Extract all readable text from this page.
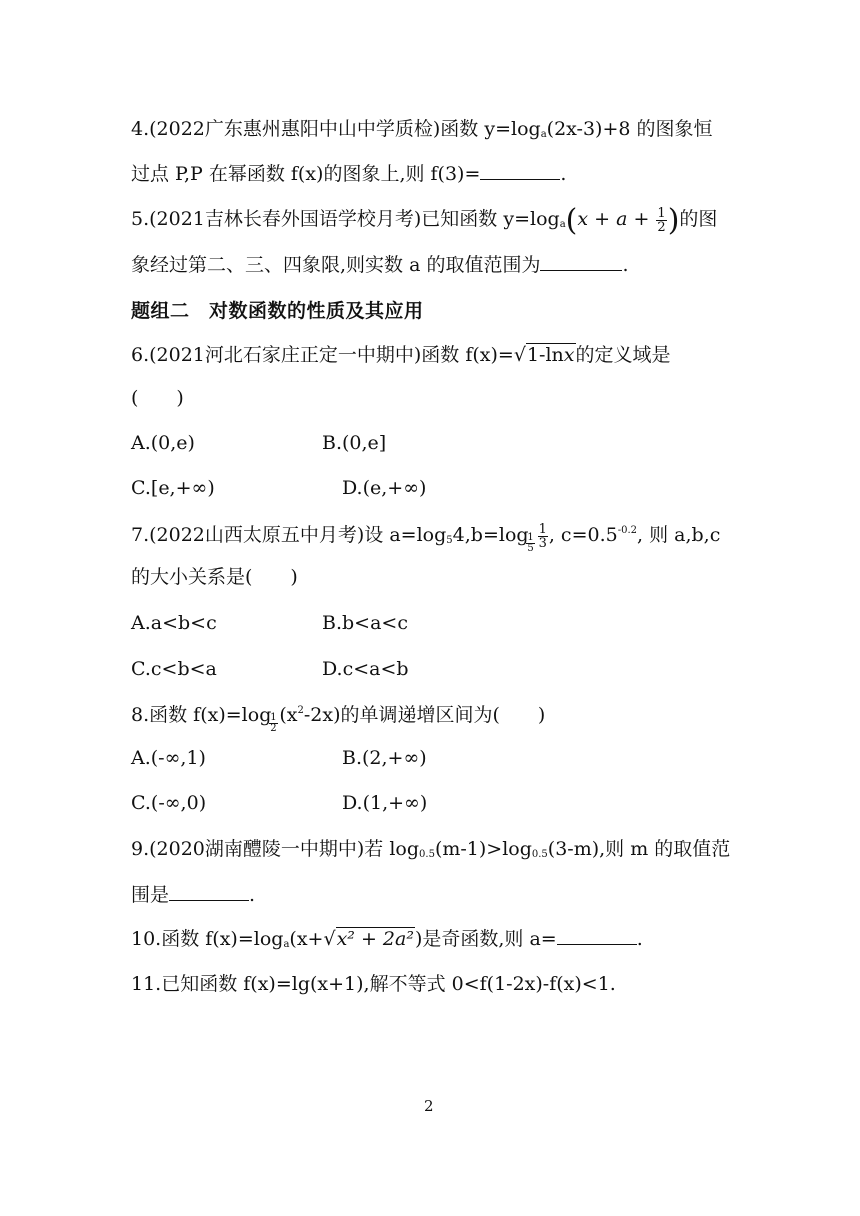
4.(2022广东惠州惠阳中山中学质检)函数 $y=\log_a(2x-3)+8$ 的图象恒
过点 P,P 在幂函数 f(x)的图象上,则 f(3)=	.
5.(2021吉林长春外国语学校月考)已知函数 $y=\log_a(x + a + \frac{1}{2}$ )的图
象经过第二、三、四象限,则实数 a 的取值范围为	.
题组二　对数函数的性质及其应用
6.(2021河北石家庄正定一中期中)函数 f(x)=√1-lnx的定义域是
(　　)
A.(0,e)	B.(0,e]
C.[e,+∞)	D.(e,+∞)
7.(2022山西太原五中月考)设 $a=\log_54,b=\log$
$\frac{1}{5} \frac{1}{3}$ , $c=0.5^{-0.2}$, 则 a,b,c
的大小关系是(　　)
A.a<b<c	B.b<a<c
C.c<b<a	D.c<a<b
8.函数 f(x)=log
$\frac{1}{2} (x^2-2x)$的单调递增区间为(　　)
A.(-∞,1)	B.(2,+∞)
C.(-∞,0)	D.(1,+∞)
9.(2020湖南醴陵一中期中)若 $\log_{0.5}(m-1)>\log_{0.5}(3-m)$,则 m 的取值范
围是	.
10.函数 $f(x)=\log_a(x+√x^2 + 2a^2)$是奇函数,则 a=	.
11.已知函数 f(x)=lg(x+1),解不等式 0<f(1-2x)-f(x)<1.
2
